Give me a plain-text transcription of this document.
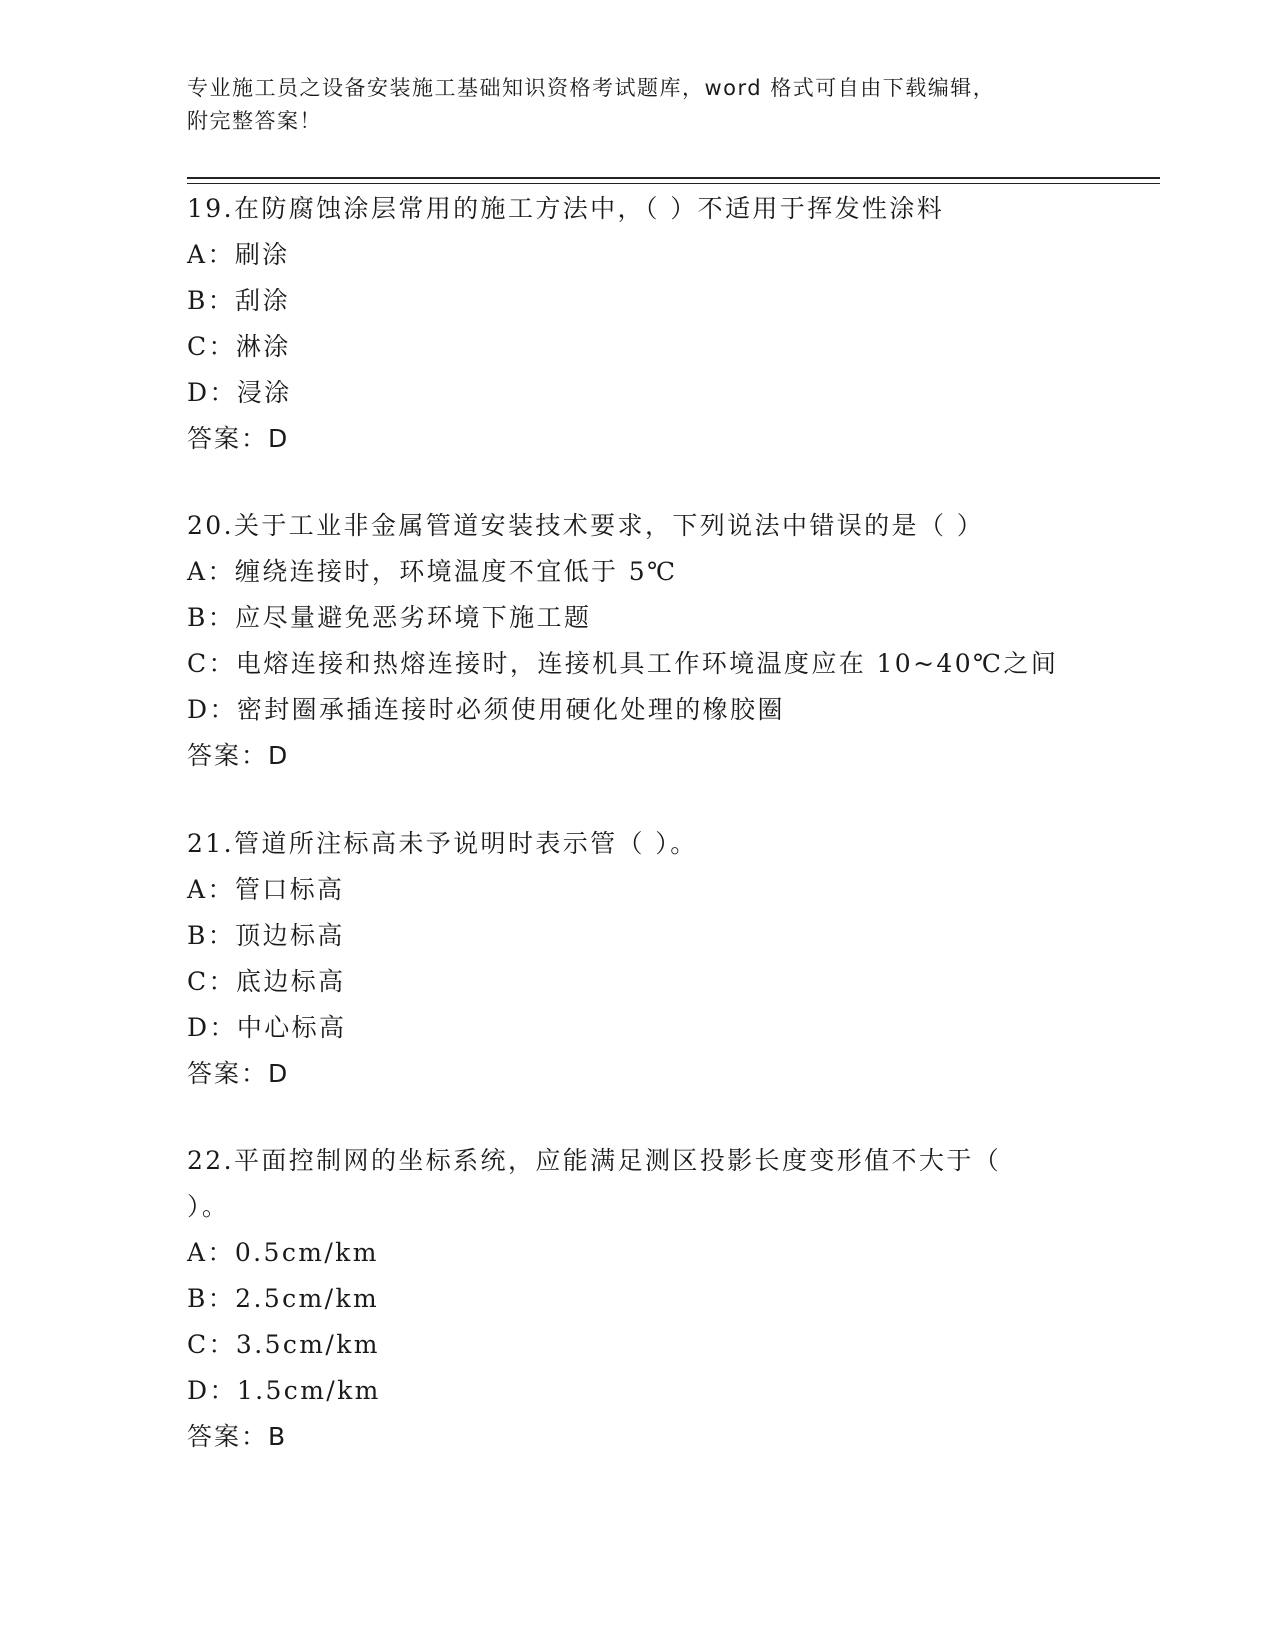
专业施工员之设备安装施工基础知识资格考试题库，word 格式可自由下载编辑，
附完整答案！
19.在防腐蚀涂层常用的施工方法中，（ ）不适用于挥发性涂料
A：刷涂
B：刮涂
C：淋涂
D：浸涂
答案：D
20.关于工业非金属管道安装技术要求，下列说法中错误的是（ ）
A：缠绕连接时，环境温度不宜低于 5℃
B：应尽量避免恶劣环境下施工题
C：电熔连接和热熔连接时，连接机具工作环境温度应在 10~40℃之间
D：密封圈承插连接时必须使用硬化处理的橡胶圈
答案：D
21.管道所注标高未予说明时表示管（ ）。
A：管口标高
B：顶边标高
C：底边标高
D：中心标高
答案：D
22.平面控制网的坐标系统，应能满足测区投影长度变形值不大于（ ）。
A：0.5cm/km
B：2.5cm/km
C：3.5cm/km
D：1.5cm/km
答案：B
